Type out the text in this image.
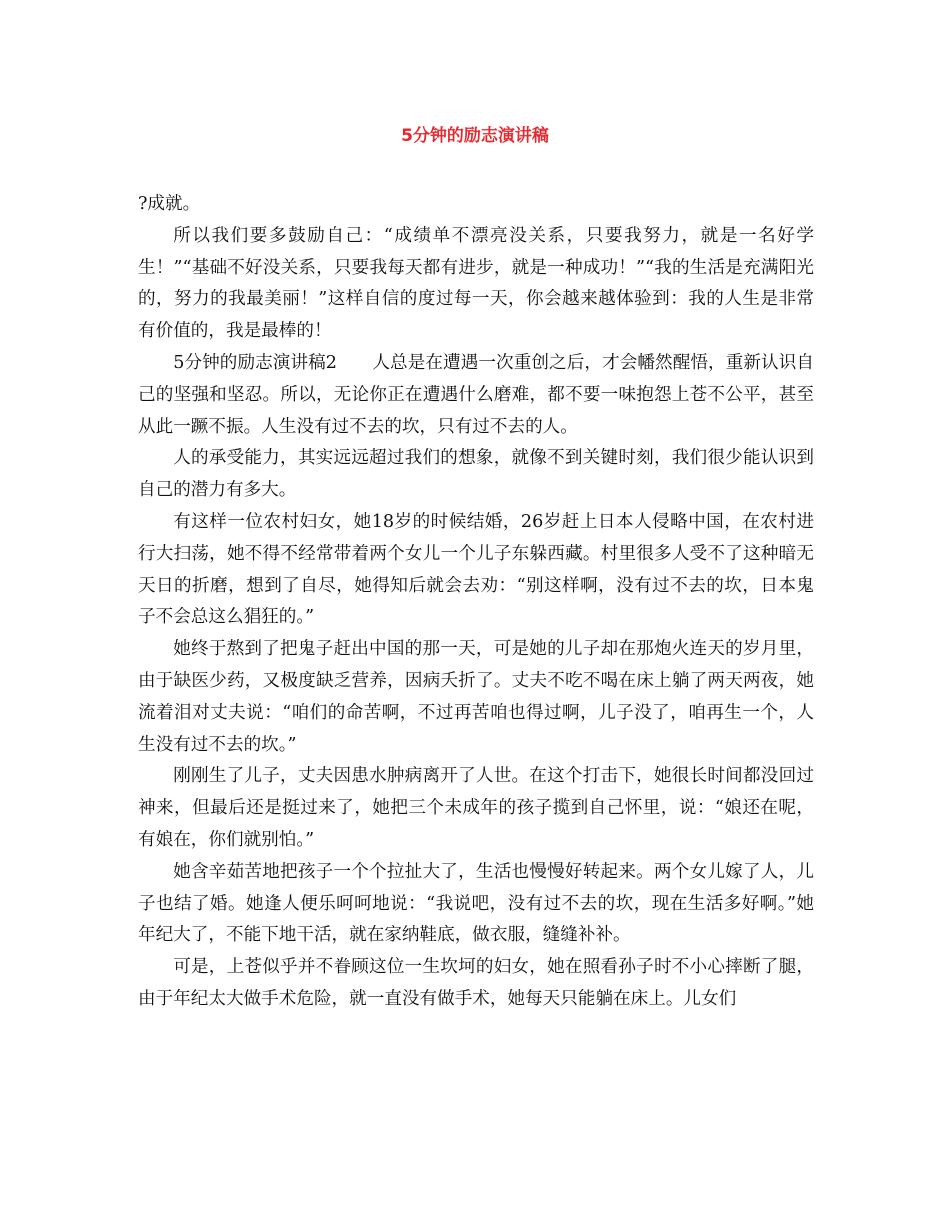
5分钟的励志演讲稿

?成就。

所以我们要多鼓励自己：“成绩单不漂亮没关系，只要我努力，就是一名好学生！”“基础不好没关系，只要我每天都有进步，就是一种成功！”“我的生活是充满阳光的，努力的我最美丽！”这样自信的度过每一天，你会越来越体验到：我的人生是非常有价值的，我是最棒的！

5分钟的励志演讲稿2　　人总是在遭遇一次重创之后，才会幡然醒悟，重新认识自己的坚强和坚忍。所以，无论你正在遭遇什么磨难，都不要一味抱怨上苍不公平，甚至从此一蹶不振。人生没有过不去的坎，只有过不去的人。

人的承受能力，其实远远超过我们的想象，就像不到关键时刻，我们很少能认识到自己的潜力有多大。

有这样一位农村妇女，她18岁的时候结婚，26岁赶上日本人侵略中国，在农村进行大扫荡，她不得不经常带着两个女儿一个儿子东躲西藏。村里很多人受不了这种暗无天日的折磨，想到了自尽，她得知后就会去劝：“别这样啊，没有过不去的坎，日本鬼子不会总这么猖狂的。”

她终于熬到了把鬼子赶出中国的那一天，可是她的儿子却在那炮火连天的岁月里，由于缺医少药，又极度缺乏营养，因病夭折了。丈夫不吃不喝在床上躺了两天两夜，她流着泪对丈夫说：“咱们的命苦啊，不过再苦咱也得过啊，儿子没了，咱再生一个，人生没有过不去的坎。”

刚刚生了儿子，丈夫因患水肿病离开了人世。在这个打击下，她很长时间都没回过神来，但最后还是挺过来了，她把三个未成年的孩子揽到自己怀里，说：“娘还在呢，有娘在，你们就别怕。”

她含辛茹苦地把孩子一个个拉扯大了，生活也慢慢好转起来。两个女儿嫁了人，儿子也结了婚。她逢人便乐呵呵地说：“我说吧，没有过不去的坎，现在生活多好啊。”她年纪大了，不能下地干活，就在家纳鞋底，做衣服，缝缝补补。

可是，上苍似乎并不眷顾这位一生坎坷的妇女，她在照看孙子时不小心摔断了腿，由于年纪太大做手术危险，就一直没有做手术，她每天只能躺在床上。儿女们
